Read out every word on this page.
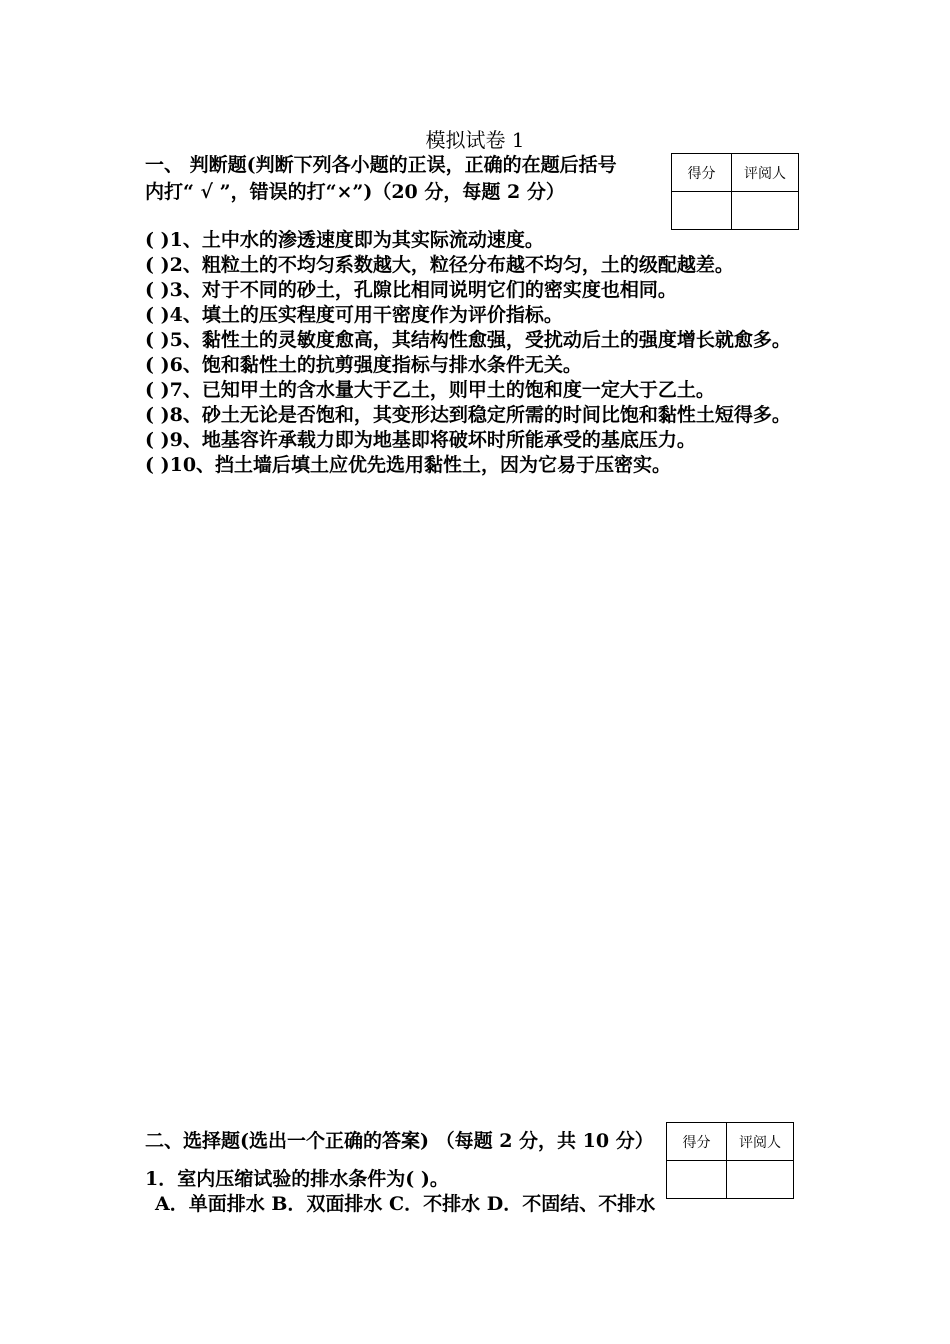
模拟试卷 1
一、 判断题(判断下列各小题的正误，正确的在题后括号
内打“ √ ”，错误的打“×”)（20 分，每题 2 分）
得分	评阅人

( )1、土中水的渗透速度即为其实际流动速度。
( )2、粗粒土的不均匀系数越大，粒径分布越不均匀，土的级配越差。
( )3、对于不同的砂土，孔隙比相同说明它们的密实度也相同。
( )4、填土的压实程度可用干密度作为评价指标。
( )5、黏性土的灵敏度愈高，其结构性愈强，受扰动后土的强度增长就愈多。
( )6、饱和黏性土的抗剪强度指标与排水条件无关。
( )7、已知甲土的含水量大于乙土，则甲土的饱和度一定大于乙土。
( )8、砂土无论是否饱和，其变形达到稳定所需的时间比饱和黏性土短得多。
( )9、地基容许承载力即为地基即将破坏时所能承受的基底压力。
( )10、挡土墙后填土应优先选用黏性土，因为它易于压密实。
二、选择题(选出一个正确的答案) （每题 2 分，共 10 分）
1．室内压缩试验的排水条件为( )。
A．单面排水 B．双面排水 C．不排水 D．不固结、不排水
得分	评阅人
